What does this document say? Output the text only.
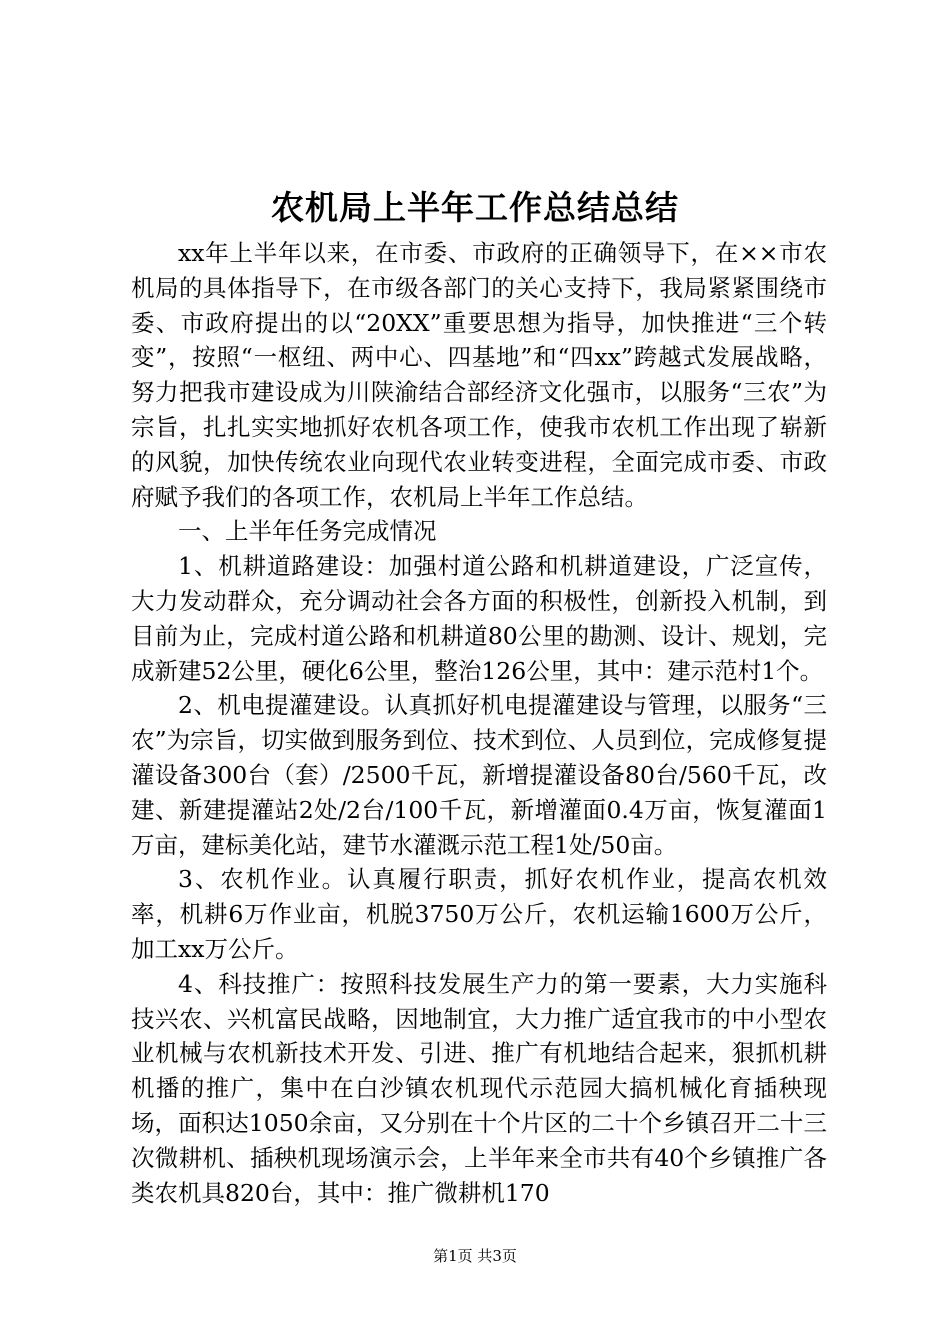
农机局上半年工作总结总结

xx年上半年以来，在市委、市政府的正确领导下，在××市农机局的具体指导下，在市级各部门的关心支持下，我局紧紧围绕市委、市政府提出的以“20XX”重要思想为指导，加快推进“三个转变”，按照“一枢纽、两中心、四基地”和“四xx”跨越式发展战略，努力把我市建设成为川陕渝结合部经济文化强市，以服务“三农”为宗旨，扎扎实实地抓好农机各项工作，使我市农机工作出现了崭新的风貌，加快传统农业向现代农业转变进程，全面完成市委、市政府赋予我们的各项工作，农机局上半年工作总结。

一、上半年任务完成情况

1、机耕道路建设：加强村道公路和机耕道建设，广泛宣传，大力发动群众，充分调动社会各方面的积极性，创新投入机制，到目前为止，完成村道公路和机耕道80公里的勘测、设计、规划，完成新建52公里，硬化6公里，整治126公里，其中：建示范村1个。

2、机电提灌建设。认真抓好机电提灌建设与管理，以服务“三农”为宗旨，切实做到服务到位、技术到位、人员到位，完成修复提灌设备300台（套）/2500千瓦，新增提灌设备80台/560千瓦，改建、新建提灌站2处/2台/100千瓦，新增灌面0.4万亩，恢复灌面1万亩，建标美化站，建节水灌溉示范工程1处/50亩。

3、农机作业。认真履行职责，抓好农机作业，提高农机效率，机耕6万作业亩，机脱3750万公斤，农机运输1600万公斤，加工xx万公斤。

4、科技推广：按照科技发展生产力的第一要素，大力实施科技兴农、兴机富民战略，因地制宜，大力推广适宜我市的中小型农业机械与农机新技术开发、引进、推广有机地结合起来，狠抓机耕机播的推广，集中在白沙镇农机现代示范园大搞机械化育插秧现场，面积达1050余亩，又分别在十个片区的二十个乡镇召开二十三次微耕机、插秧机现场演示会，上半年来全市共有40个乡镇推广各类农机具820台，其中：推广微耕机170

第1页 共3页
